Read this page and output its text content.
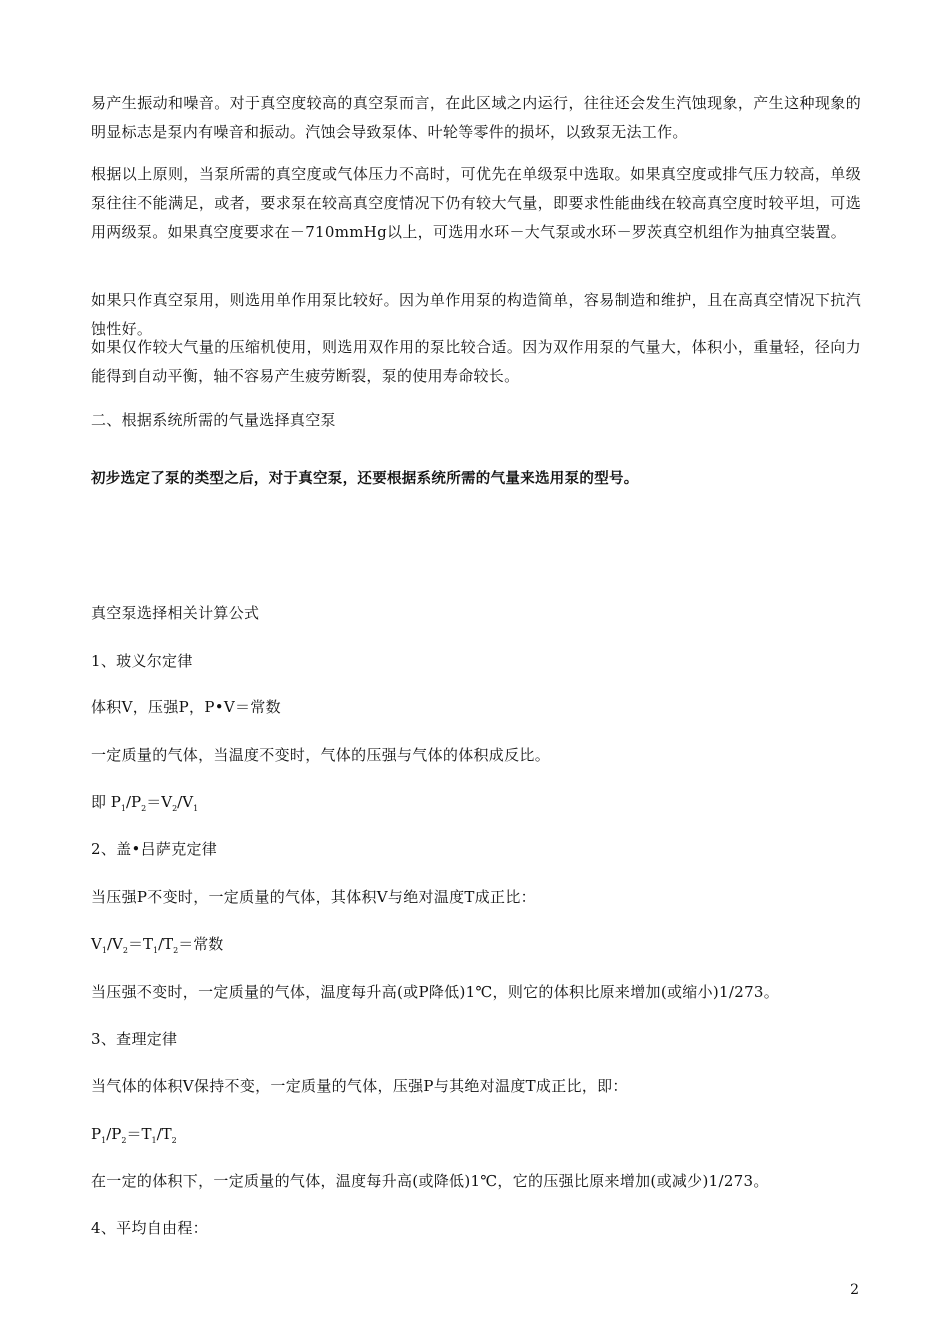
易产生振动和噪音。对于真空度较高的真空泵而言，在此区域之内运行，往往还会发生汽蚀现象，产生这种现象的明显标志是泵内有噪音和振动。汽蚀会导致泵体、叶轮等零件的损坏，以致泵无法工作。

根据以上原则，当泵所需的真空度或气体压力不高时，可优先在单级泵中选取。如果真空度或排气压力较高，单级泵往往不能满足，或者，要求泵在较高真空度情况下仍有较大气量，即要求性能曲线在较高真空度时较平坦，可选用两级泵。如果真空度要求在－710mmHg以上，可选用水环－大气泵或水环－罗茨真空机组作为抽真空装置。

如果只作真空泵用，则选用单作用泵比较好。因为单作用泵的构造简单，容易制造和维护，且在高真空情况下抗汽蚀性好。

如果仅作较大气量的压缩机使用，则选用双作用的泵比较合适。因为双作用泵的气量大，体积小，重量轻，径向力能得到自动平衡，轴不容易产生疲劳断裂，泵的使用寿命较长。

二、根据系统所需的气量选择真空泵

初步选定了泵的类型之后，对于真空泵，还要根据系统所需的气量来选用泵的型号。

真空泵选择相关计算公式

1、玻义尔定律

体积V，压强P，P•V＝常数

一定质量的气体，当温度不变时，气体的压强与气体的体积成反比。

即 $P_1/P_2=V_2/V_1$

2、盖•吕萨克定律

当压强P不变时，一定质量的气体，其体积V与绝对温度T成正比：

$V_1/V_2=T_1/T_2=$常数

当压强不变时，一定质量的气体，温度每升高(或P降低)1℃，则它的体积比原来增加(或缩小)1/273。

3、查理定律

当气体的体积V保持不变，一定质量的气体，压强P与其绝对温度T成正比，即：

$P_1/P_2=T_1/T_2$

在一定的体积下，一定质量的气体，温度每升高(或降低)1℃，它的压强比原来增加(或减少)1/273。

4、平均自由程：

2
